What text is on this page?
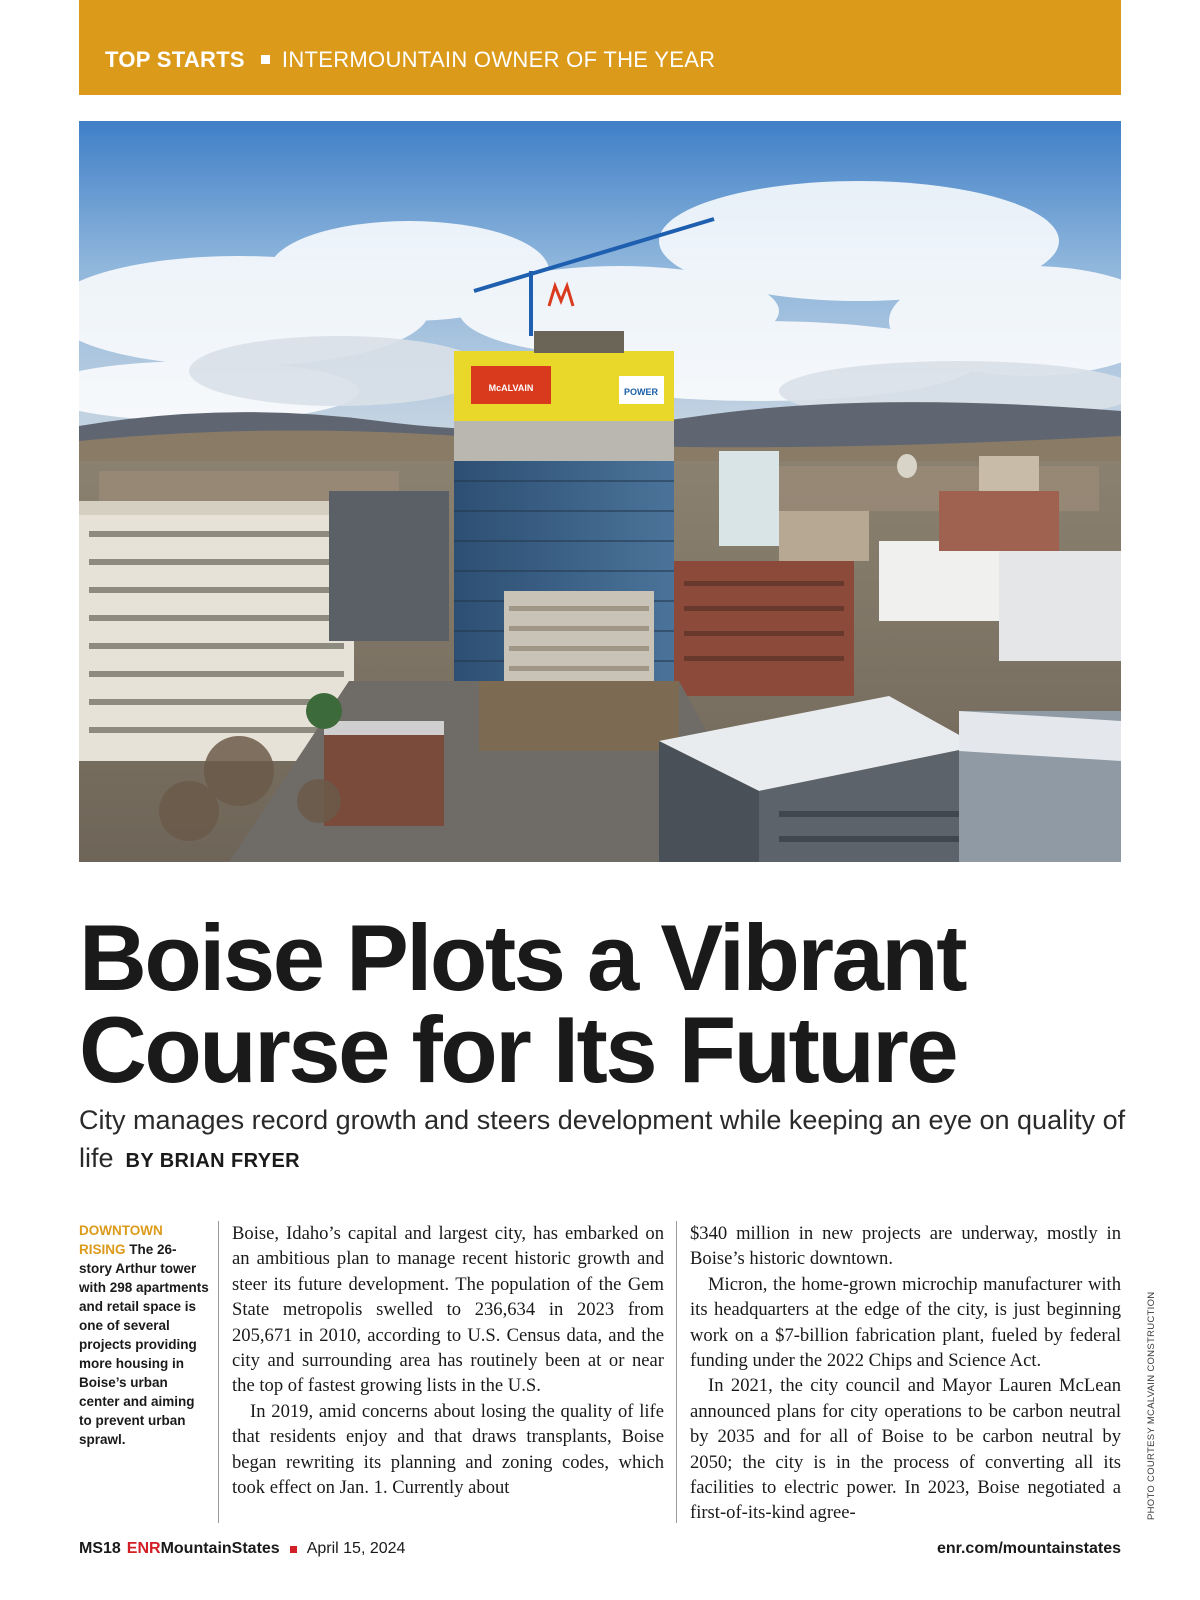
TOP STARTS INTERMOUNTAIN OWNER OF THE YEAR
McALVAIN	POWER
Boise Plots a Vibrant
Course for Its Future
City manages record growth and steers development while keeping an eye on quality of life BY BRIAN FRYER
DOWNTOWN RISING The 26-story Arthur tower with 298 apartments and retail space is one of several projects providing more housing in Boise’s urban center and aiming to prevent urban sprawl.

Boise, Idaho’s capital and largest city, has embarked on an ambitious plan to manage recent historic growth and steer its future development. The population of the Gem State metropolis swelled to 236,634 in 2023 from 205,671 in 2010, according to U.S. Census data, and the city and surrounding area has routinely been at or near the top of fastest growing lists in the U.S.

In 2019, amid concerns about losing the quality of life that residents enjoy and that draws transplants, Boise began rewriting its planning and zoning codes, which took effect on Jan. 1. Currently about

$340 million in new projects are underway, mostly in Boise’s historic downtown.

Micron, the home-grown microchip manufacturer with its headquarters at the edge of the city, is just beginning work on a $7-billion fabrication plant, fueled by federal funding under the 2022 Chips and Science Act.

In 2021, the city council and Mayor Lauren McLean announced plans for city operations to be carbon neutral by 2035 and for all of Boise to be carbon neutral by 2050; the city is in the process of converting all its facilities to electric power. In 2023, Boise negotiated a first-of-its-kind agree-	PHOTO COURTESY MCALVAIN CONSTRUCTION
MS18 ENR MountainStates April 15, 2024	enr.com/mountainstates
